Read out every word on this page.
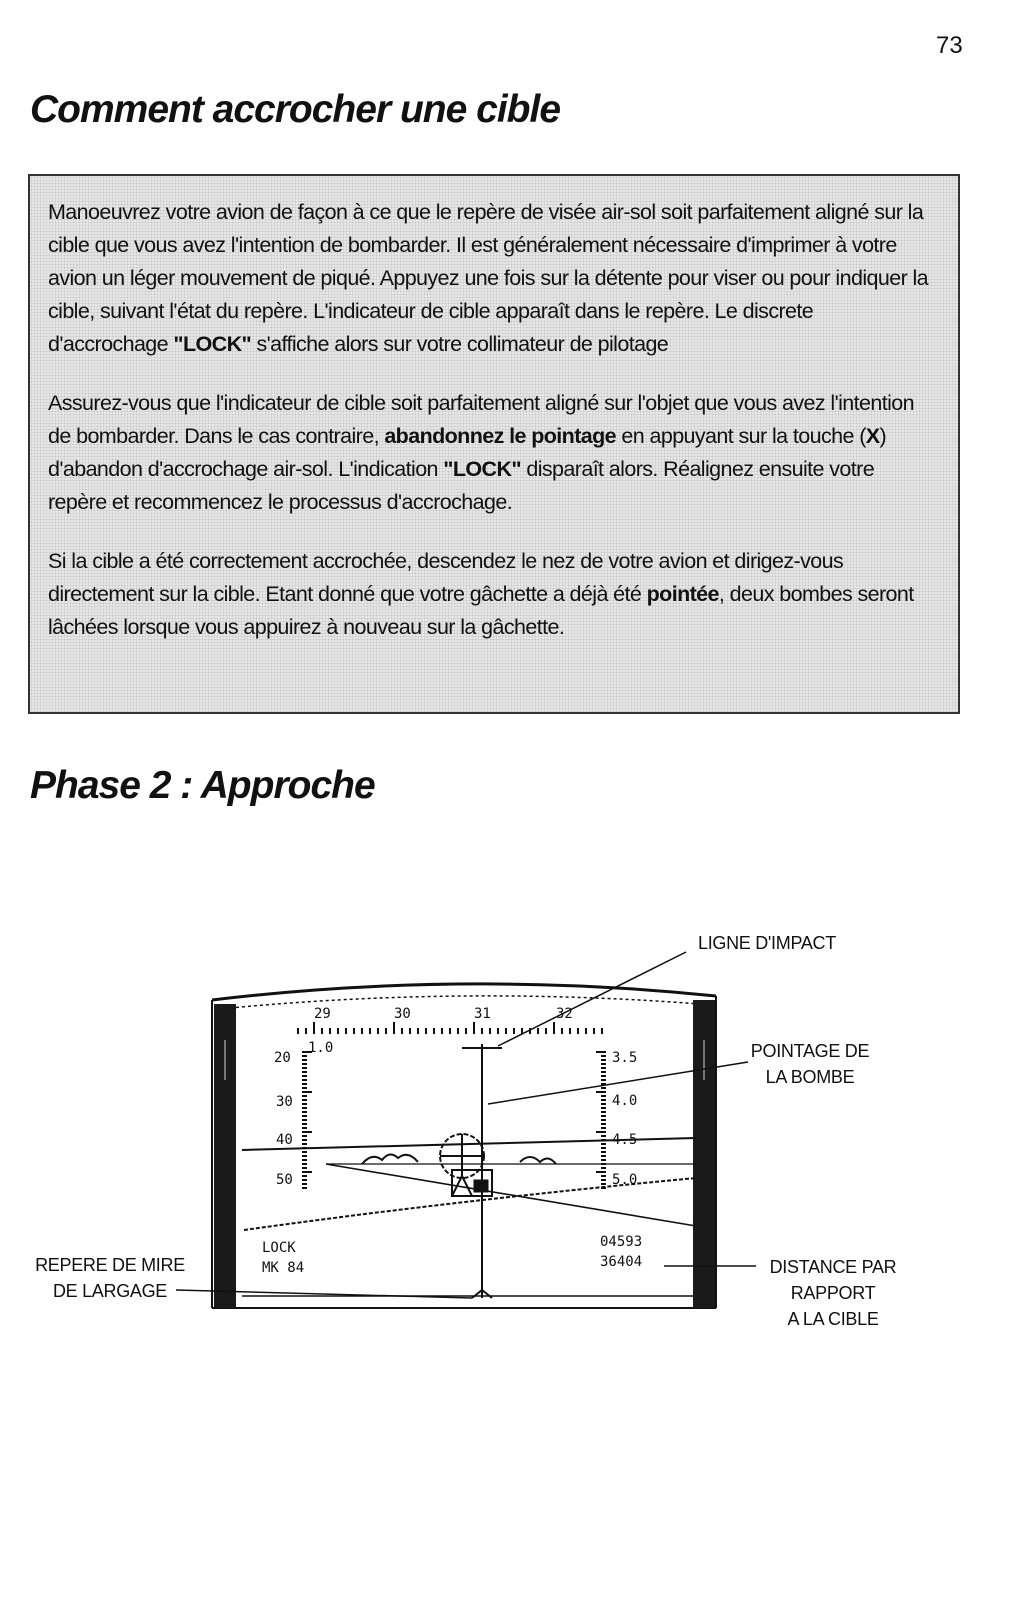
73
Comment accrocher une cible

Manoeuvrez votre avion de façon à ce que le repère de visée air-sol soit parfaitement aligné sur la cible que vous avez l'intention de bombarder. Il est généralement nécessaire d'imprimer à votre avion un léger mouvement de piqué. Appuyez une fois sur la détente pour viser ou pour indiquer la cible, suivant l'état du repère. L'indicateur de cible apparaît dans le repère. Le discrete d'accrochage "LOCK" s'affiche alors sur votre collimateur de pilotage

Assurez-vous que l'indicateur de cible soit parfaitement aligné sur l'objet que vous avez l'intention de bombarder. Dans le cas contraire, abandonnez le pointage en appuyant sur la touche (X) d'abandon d'accrochage air-sol. L'indication "LOCK" disparaît alors. Réalignez ensuite votre repère et recommencez le processus d'accrochage.

Si la cible a été correctement accrochée, descendez le nez de votre avion et dirigez-vous directement sur la cible. Etant donné que votre gâchette a déjà été pointée, deux bombes seront lâchées lorsque vous appuirez à nouveau sur la gâchette.

Phase 2 : Approche
29	30	31	32
1.0
20
30
40
50
3.5
4.0
4.5
5.0
LOCK
MK 84
04593
36404
LIGNE D'IMPACT
POINTAGE DE
LA BOMBE
REPERE DE MIRE
DE LARGAGE
DISTANCE PAR
RAPPORT
A LA CIBLE
